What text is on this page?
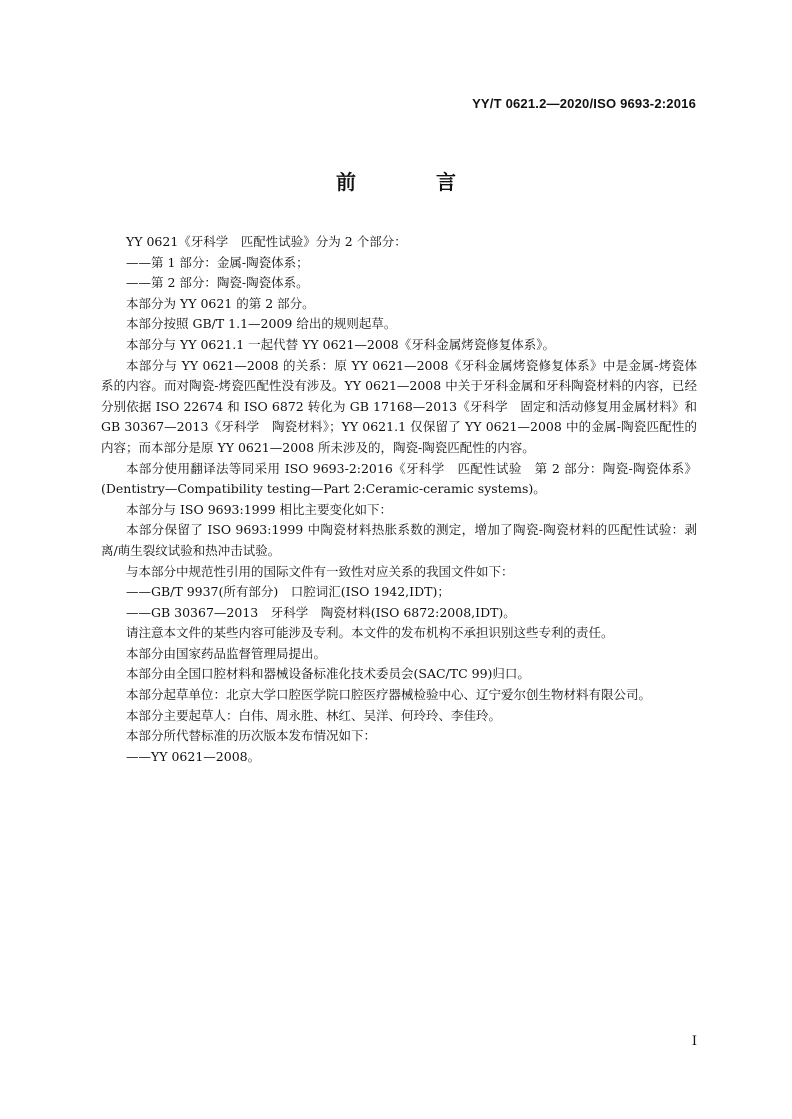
YY/T 0621.2—2020/ISO 9693-2:2016
前　言

YY 0621《牙科学　匹配性试验》分为 2 个部分：

——第 1 部分：金属-陶瓷体系；

——第 2 部分：陶瓷-陶瓷体系。

本部分为 YY 0621 的第 2 部分。

本部分按照 GB/T 1.1—2009 给出的规则起草。

本部分与 YY 0621.1 一起代替 YY 0621—2008《牙科金属烤瓷修复体系》。

本部分与 YY 0621—2008 的关系：原 YY 0621—2008《牙科金属烤瓷修复体系》中是金属-烤瓷体系的内容。而对陶瓷-烤瓷匹配性没有涉及。YY 0621—2008 中关于牙科金属和牙科陶瓷材料的内容，已经分别依据 ISO 22674 和 ISO 6872 转化为 GB 17168—2013《牙科学　固定和活动修复用金属材料》和 GB 30367—2013《牙科学　陶瓷材料》；YY 0621.1 仅保留了 YY 0621—2008 中的金属-陶瓷匹配性的内容；而本部分是原 YY 0621—2008 所未涉及的，陶瓷-陶瓷匹配性的内容。

本部分使用翻译法等同采用 ISO 9693-2:2016《牙科学　匹配性试验　第 2 部分：陶瓷-陶瓷体系》(Dentistry—Compatibility testing—Part 2:Ceramic-ceramic systems)。

本部分与 ISO 9693:1999 相比主要变化如下：

本部分保留了 ISO 9693:1999 中陶瓷材料热胀系数的测定，增加了陶瓷-陶瓷材料的匹配性试验：剥离/萌生裂纹试验和热冲击试验。

与本部分中规范性引用的国际文件有一致性对应关系的我国文件如下：

——GB/T 9937(所有部分)　口腔词汇(ISO 1942,IDT)；

——GB 30367—2013　牙科学　陶瓷材料(ISO 6872:2008,IDT)。

请注意本文件的某些内容可能涉及专利。本文件的发布机构不承担识别这些专利的责任。

本部分由国家药品监督管理局提出。

本部分由全国口腔材料和器械设备标准化技术委员会(SAC/TC 99)归口。

本部分起草单位：北京大学口腔医学院口腔医疗器械检验中心、辽宁爱尔创生物材料有限公司。

本部分主要起草人：白伟、周永胜、林红、吴洋、何玲玲、李佳玲。

本部分所代替标准的历次版本发布情况如下：

——YY 0621—2008。

I
